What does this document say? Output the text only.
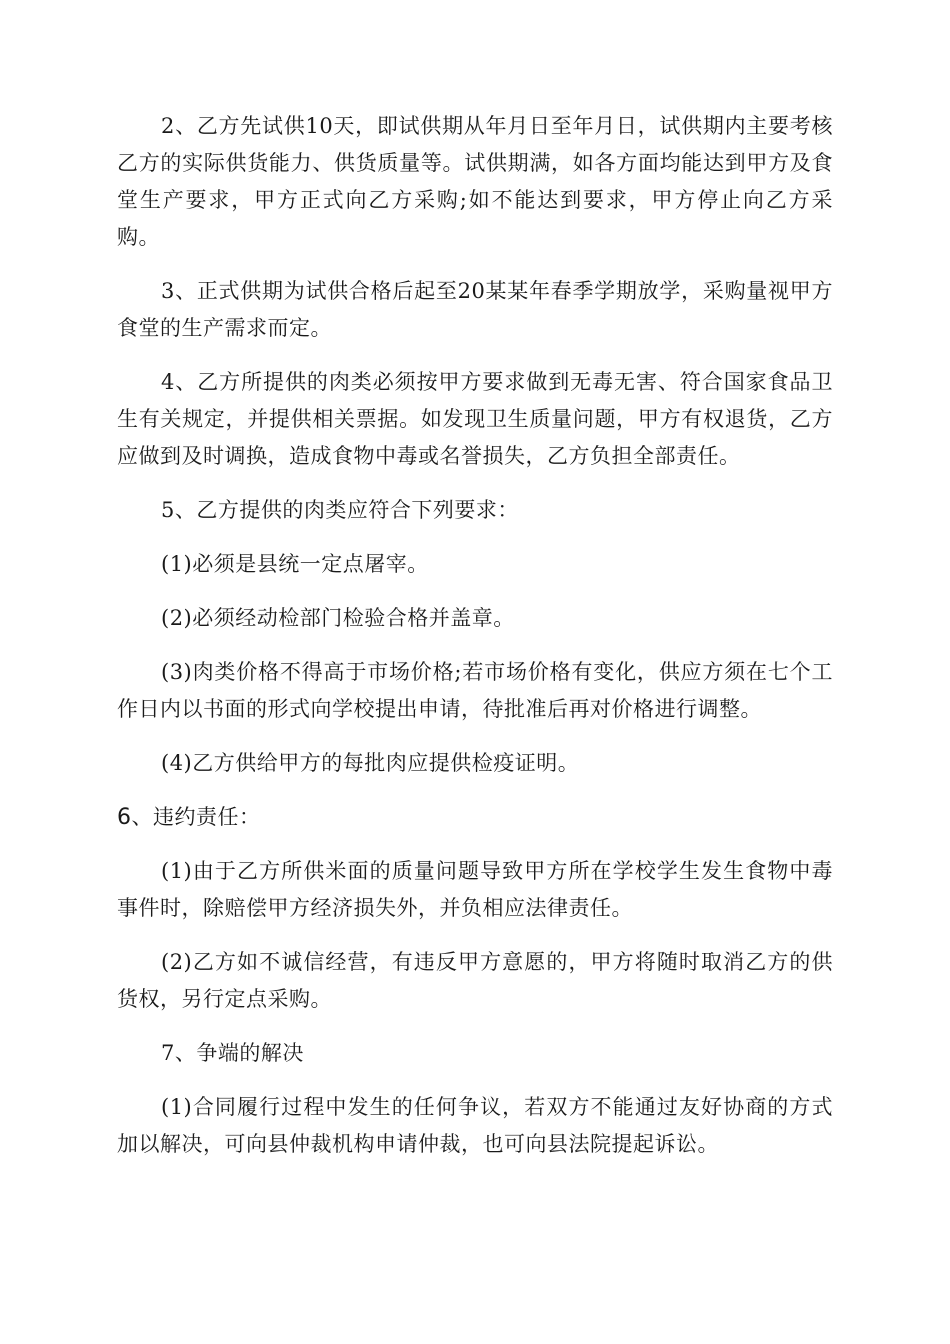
2、乙方先试供10天，即试供期从年月日至年月日，试供期内主要考核乙方的实际供货能力、供货质量等。试供期满，如各方面均能达到甲方及食堂生产要求，甲方正式向乙方采购;如不能达到要求，甲方停止向乙方采购。

3、正式供期为试供合格后起至20某某年春季学期放学，采购量视甲方食堂的生产需求而定。

4、乙方所提供的肉类必须按甲方要求做到无毒无害、符合国家食品卫生有关规定，并提供相关票据。如发现卫生质量问题，甲方有权退货，乙方应做到及时调换，造成食物中毒或名誉损失，乙方负担全部责任。

5、乙方提供的肉类应符合下列要求：

(1)必须是县统一定点屠宰。

(2)必须经动检部门检验合格并盖章。

(3)肉类价格不得高于市场价格;若市场价格有变化，供应方须在七个工作日内以书面的形式向学校提出申请，待批准后再对价格进行调整。

(4)乙方供给甲方的每批肉应提供检疫证明。

6、违约责任：

(1)由于乙方所供米面的质量问题导致甲方所在学校学生发生食物中毒事件时，除赔偿甲方经济损失外，并负相应法律责任。

(2)乙方如不诚信经营，有违反甲方意愿的，甲方将随时取消乙方的供货权，另行定点采购。

7、争端的解决

(1)合同履行过程中发生的任何争议，若双方不能通过友好协商的方式加以解决，可向县仲裁机构申请仲裁，也可向县法院提起诉讼。
